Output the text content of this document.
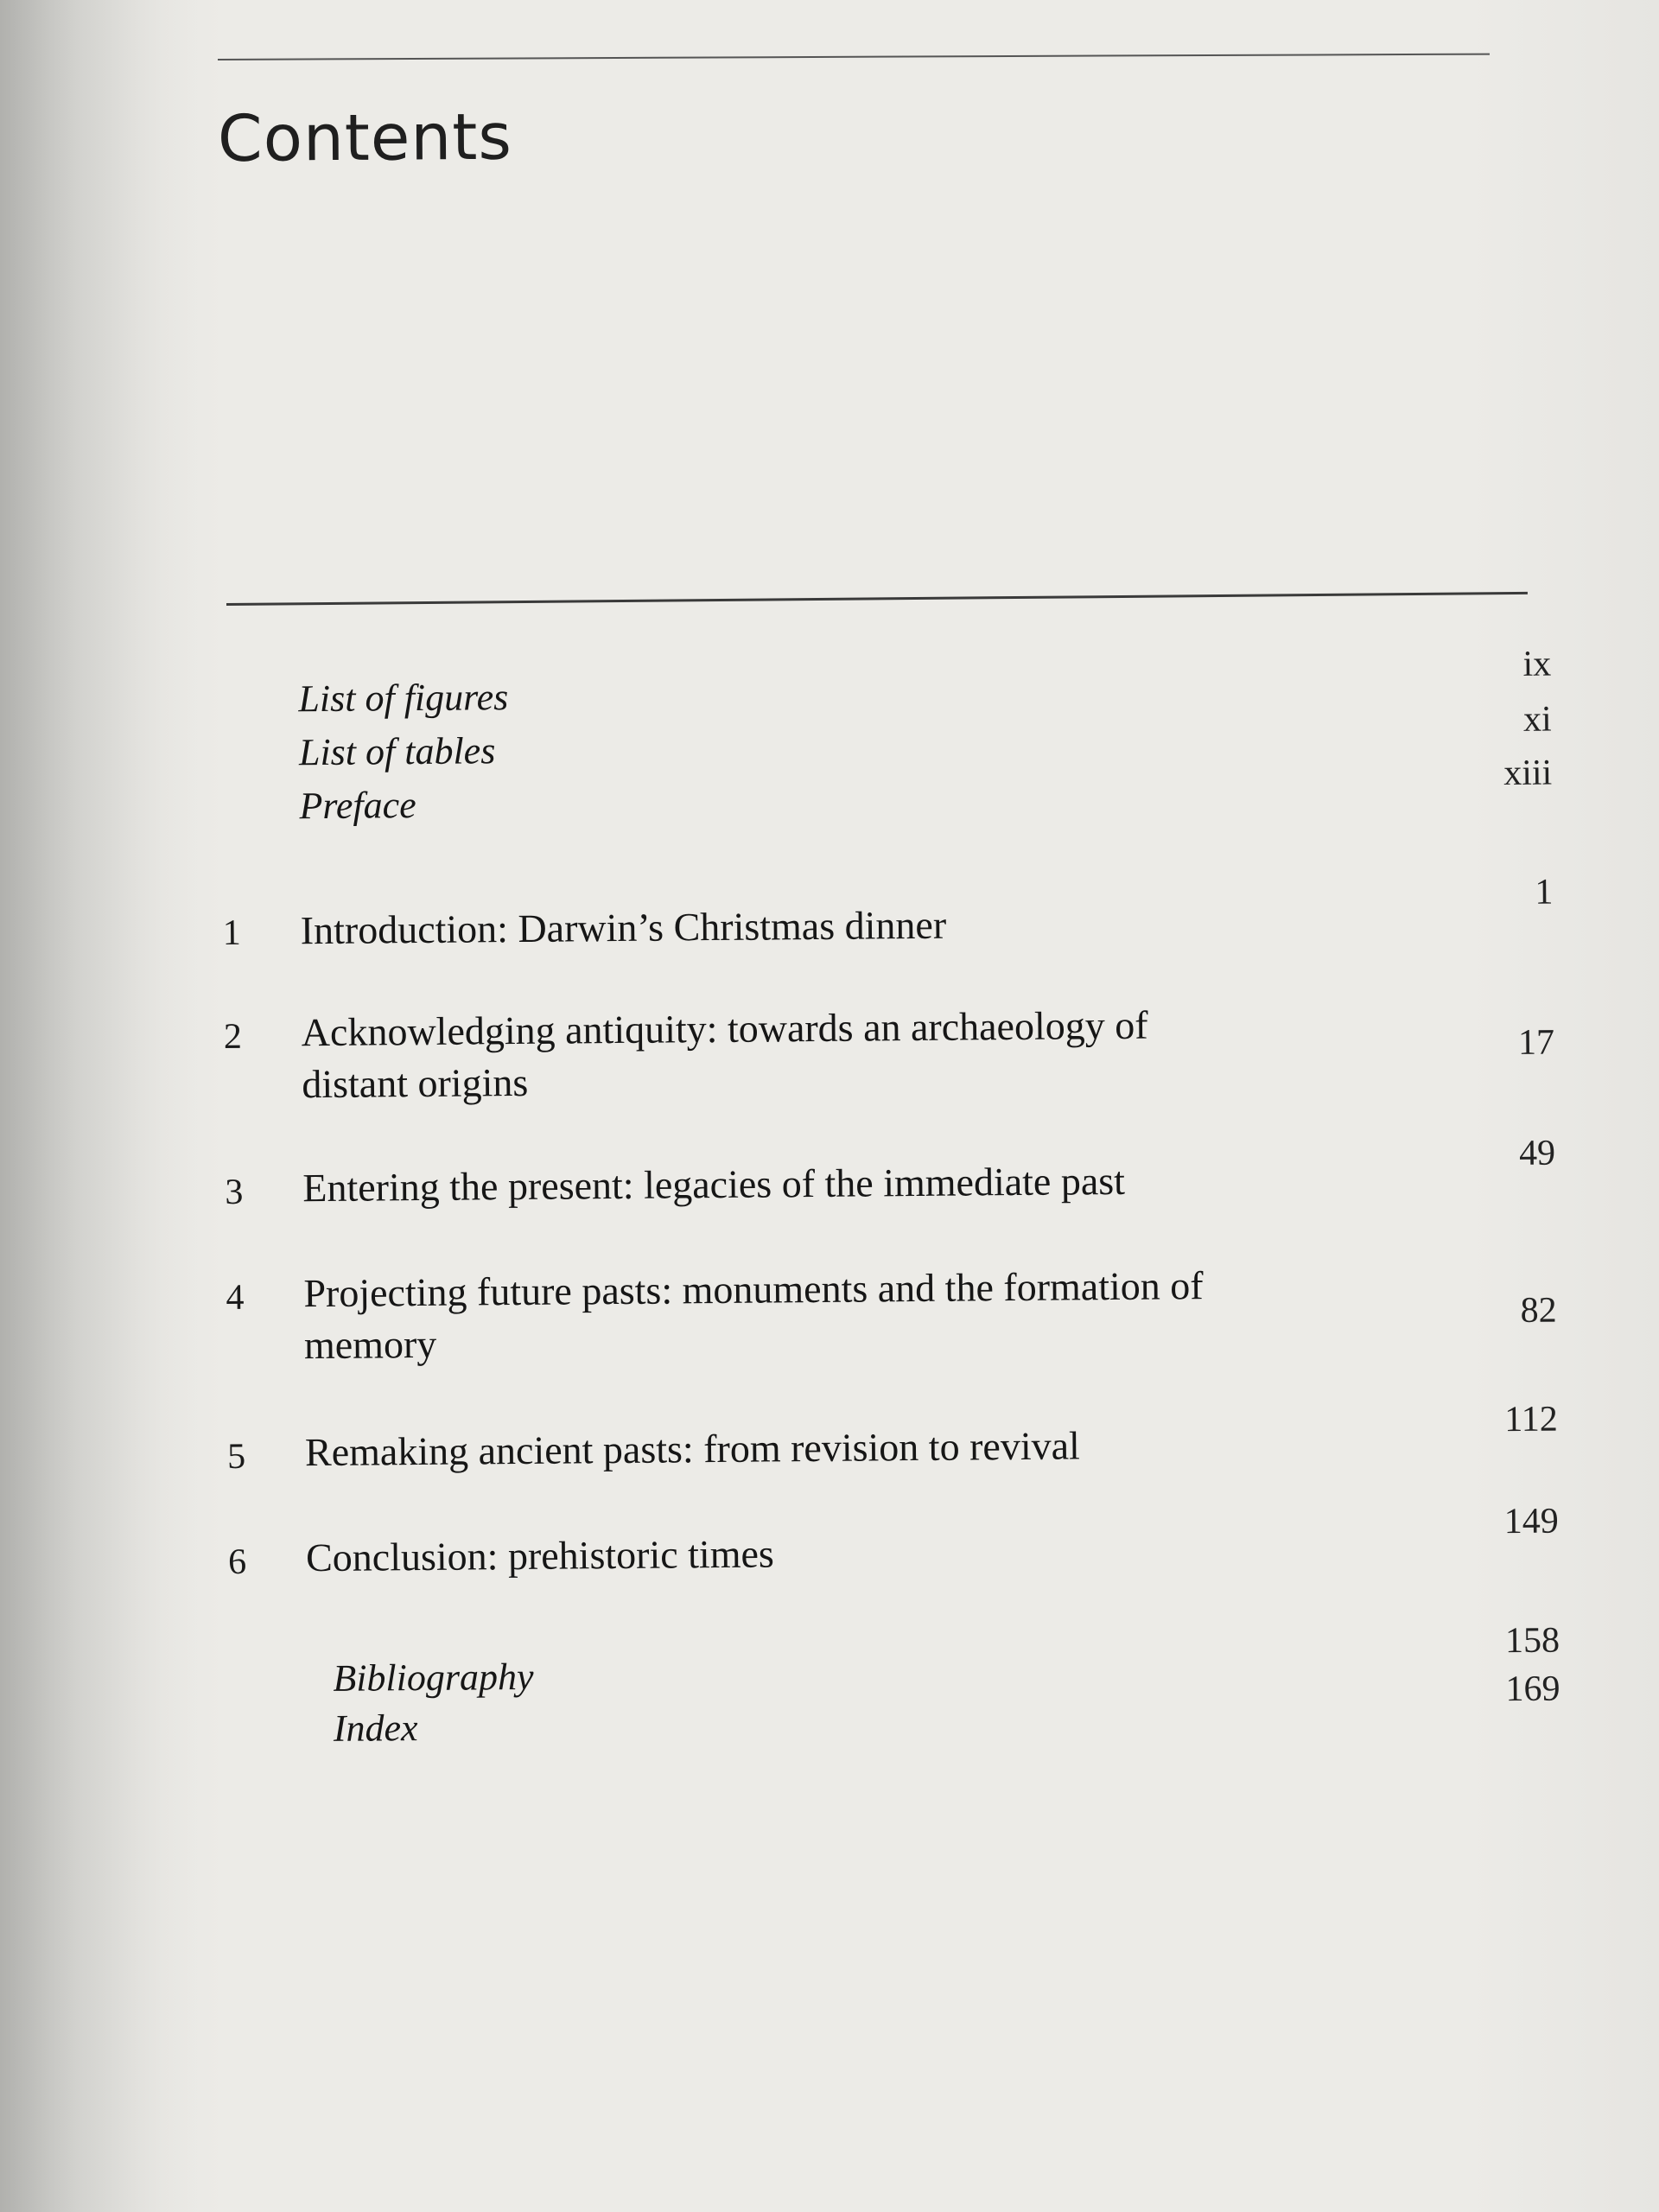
Contents
List of figures
ix
List of tables
xi
Preface
xiii
1 Introduction: Darwin’s Christmas dinner
1
2 Acknowledging antiquity: towards an archaeology of distant origins
17
3 Entering the present: legacies of the immediate past
49
4 Projecting future pasts: monuments and the formation of memory
82
5 Remaking ancient pasts: from revision to revival
112
6 Conclusion: prehistoric times
149
Bibliography
158
Index
169
